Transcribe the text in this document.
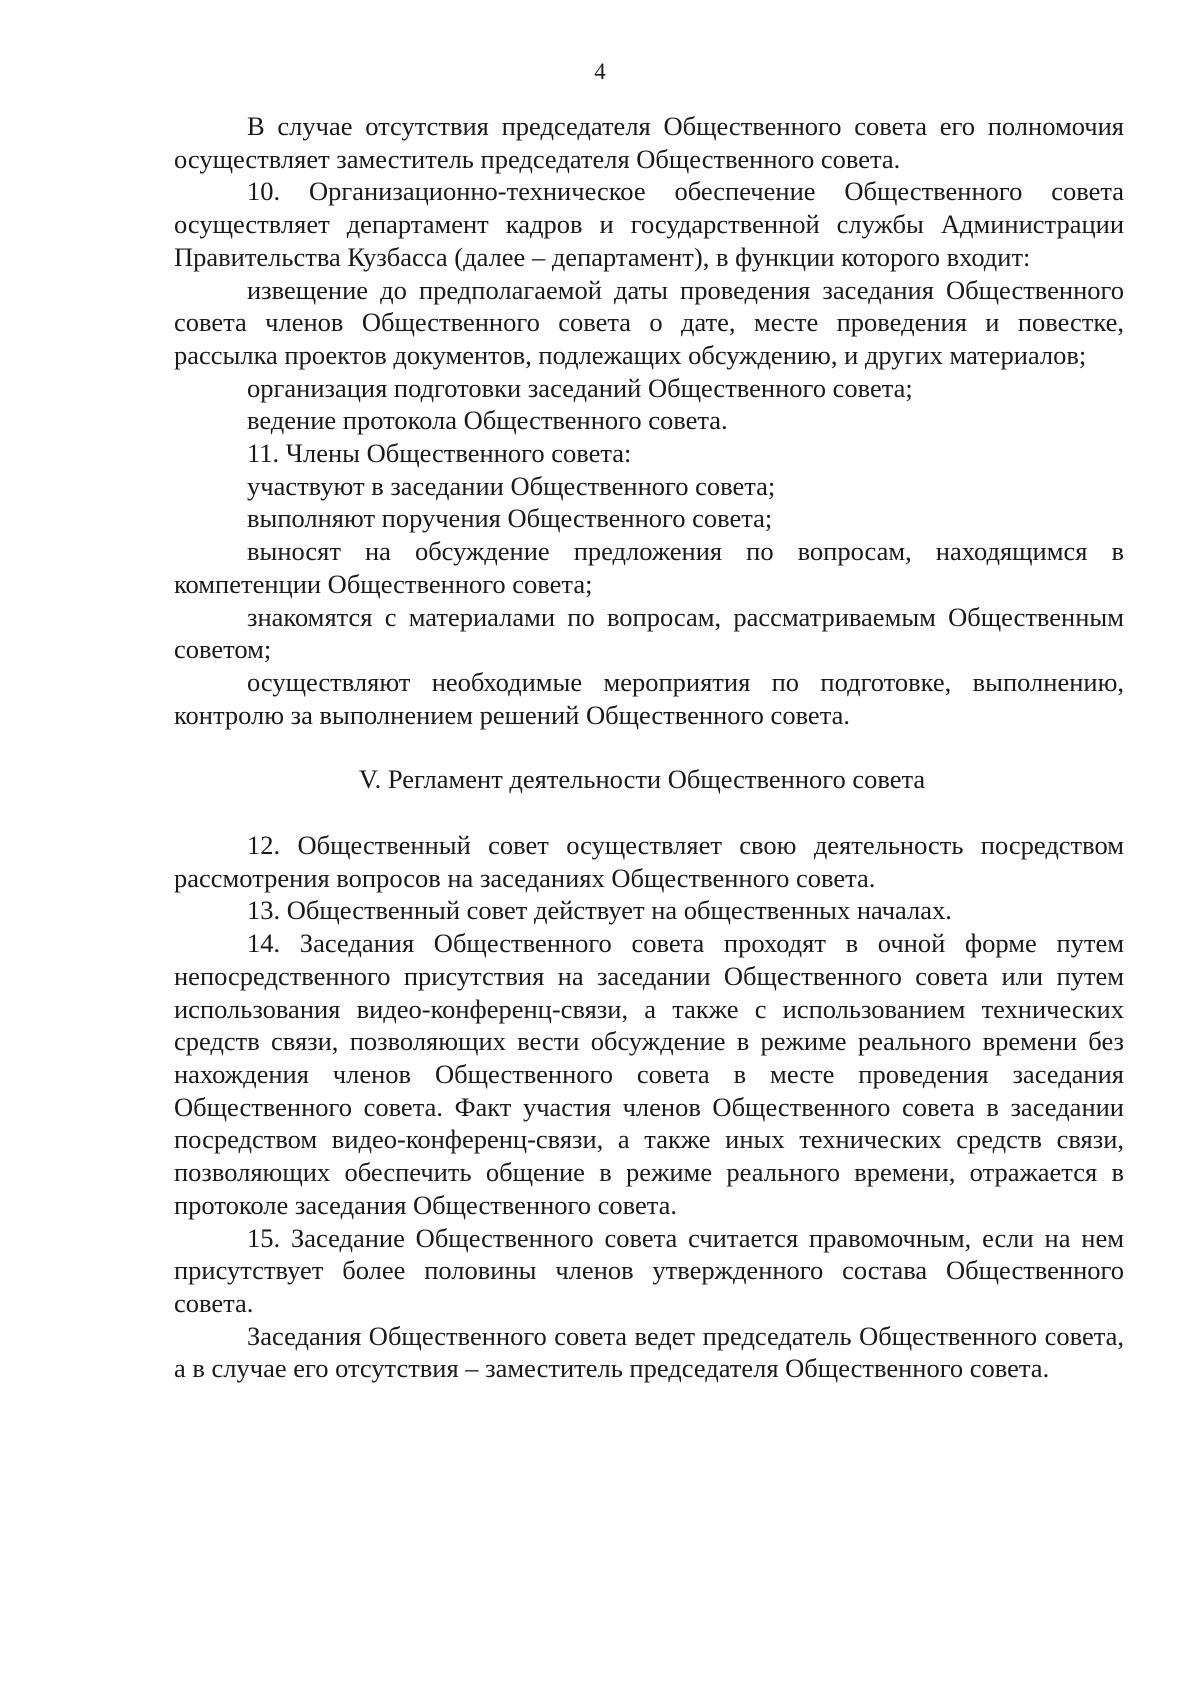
4

В случае отсутствия председателя Общественного совета его полномочия осуществляет заместитель председателя Общественного совета.

10. Организационно-техническое обеспечение Общественного совета осуществляет департамент кадров и государственной службы Администрации Правительства Кузбасса (далее – департамент), в функции которого входит:

извещение до предполагаемой даты проведения заседания Общественного совета членов Общественного совета о дате, месте проведения и повестке, рассылка проектов документов, подлежащих обсуждению, и других материалов;

организация подготовки заседаний Общественного совета;

ведение протокола Общественного совета.

11. Члены Общественного совета:

участвуют в заседании Общественного совета;

выполняют поручения Общественного совета;

выносят на обсуждение предложения по вопросам, находящимся в компетенции Общественного совета;

знакомятся с материалами по вопросам, рассматриваемым Общественным советом;

осуществляют необходимые мероприятия по подготовке, выполнению, контролю за выполнением решений Общественного совета.

V. Регламент деятельности Общественного совета

12. Общественный совет осуществляет свою деятельность посредством рассмотрения вопросов на заседаниях Общественного совета.

13. Общественный совет действует на общественных началах.

14. Заседания Общественного совета проходят в очной форме путем непосредственного присутствия на заседании Общественного совета или путем использования видео-конференц-связи, а также с использованием технических средств связи, позволяющих вести обсуждение в режиме реального времени без нахождения членов Общественного совета в месте проведения заседания Общественного совета. Факт участия членов Общественного совета в заседании посредством видео-конференц-связи, а также иных технических средств связи, позволяющих обеспечить общение в режиме реального времени, отражается в протоколе заседания Общественного совета.

15. Заседание Общественного совета считается правомочным, если на нем присутствует более половины членов утвержденного состава Общественного совета.

Заседания Общественного совета ведет председатель Общественного совета, а в случае его отсутствия – заместитель председателя Общественного совета.
